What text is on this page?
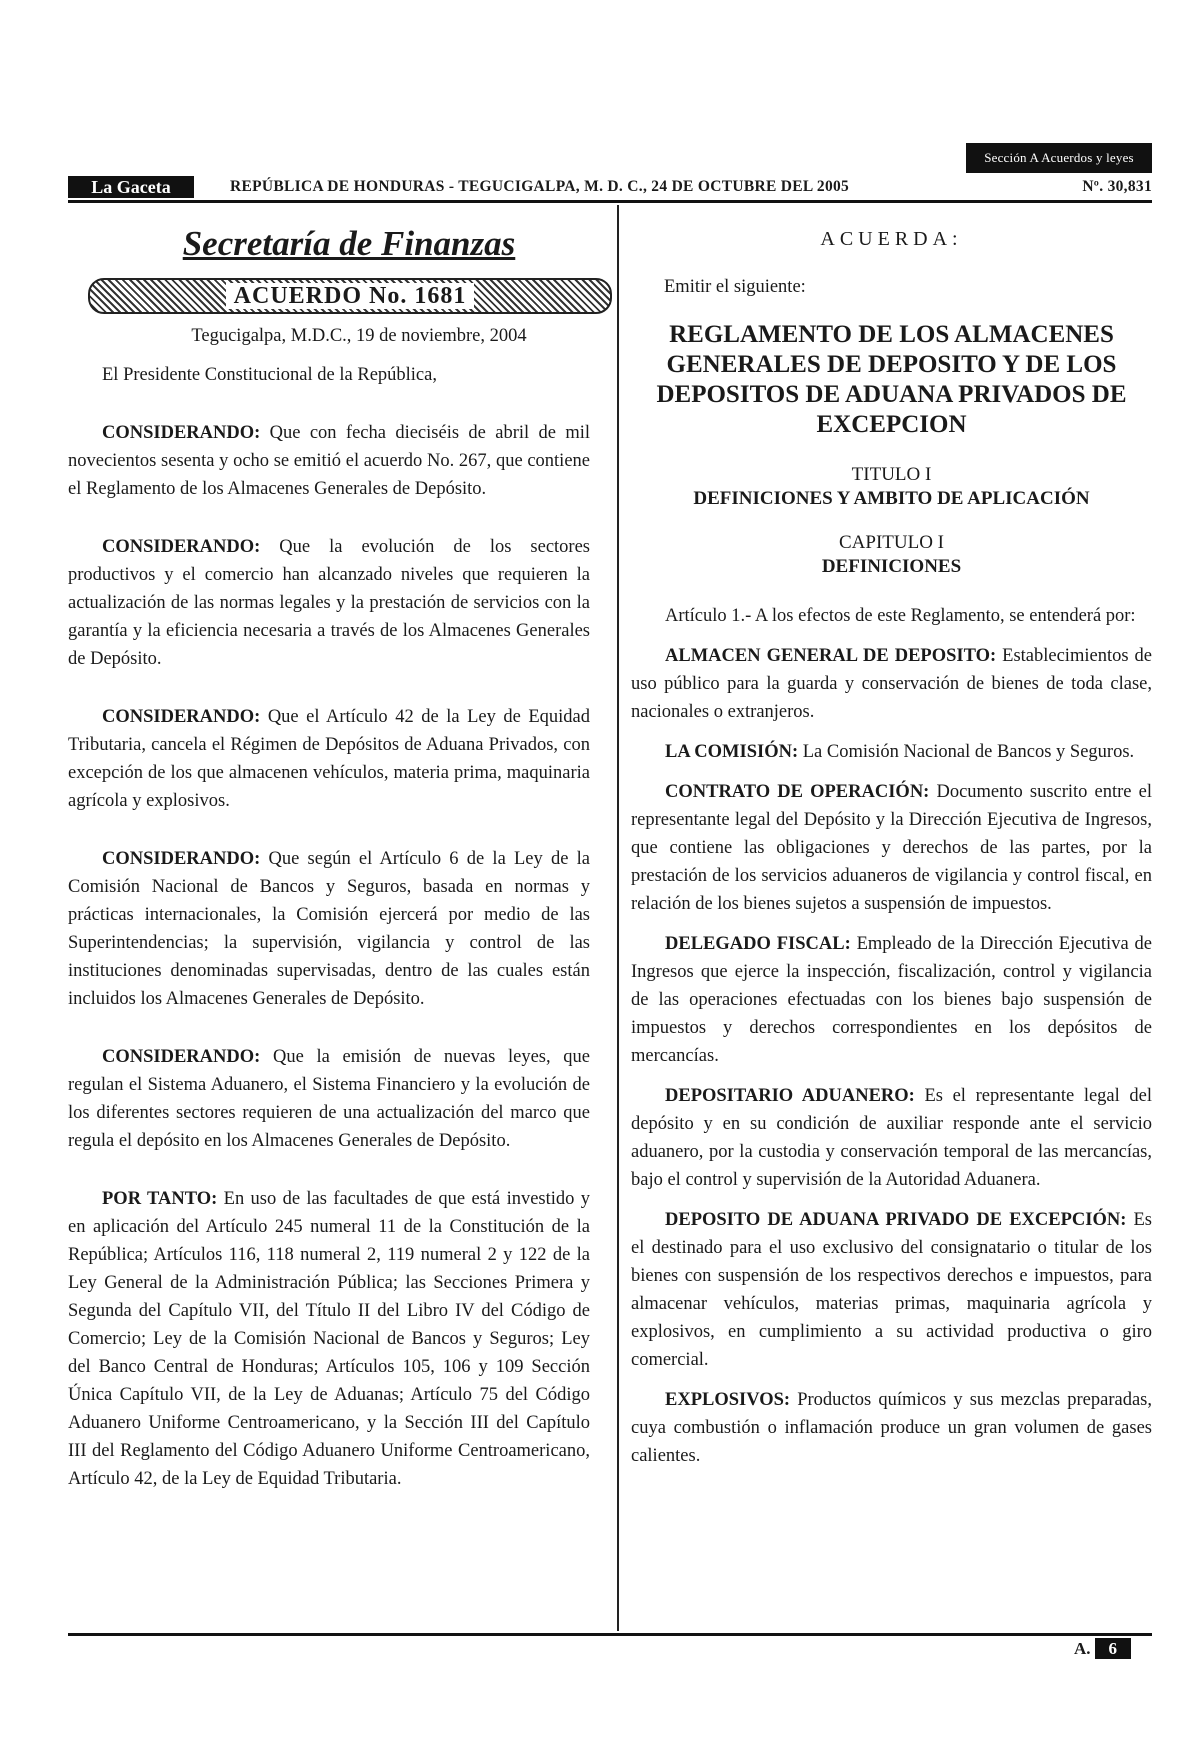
Sección A Acuerdos y leyes
La Gaceta	REPÚBLICA DE HONDURAS - TEGUCIGALPA, M. D. C., 24 DE OCTUBRE DEL 2005	Nº. 30,831
Secretaría de Finanzas
ACUERDO No. 1681
Tegucigalpa, M.D.C., 19 de noviembre, 2004

El Presidente Constitucional de la República,

CONSIDERANDO: Que con fecha dieciséis de abril de mil novecientos sesenta y ocho se emitió el acuerdo No. 267, que contiene el Reglamento de los Almacenes Generales de Depósito.

CONSIDERANDO: Que la evolución de los sectores productivos y el comercio han alcanzado niveles que requieren la actualización de las normas legales y la prestación de servicios con la garantía y la eficiencia necesaria a través de los Almacenes Generales de Depósito.

CONSIDERANDO: Que el Artículo 42 de la Ley de Equidad Tributaria, cancela el Régimen de Depósitos de Aduana Privados, con excepción de los que almacenen vehículos, materia prima, maquinaria agrícola y explosivos.

CONSIDERANDO: Que según el Artículo 6 de la Ley de la Comisión Nacional de Bancos y Seguros, basada en normas y prácticas internacionales, la Comisión ejercerá por medio de las Superintendencias; la supervisión, vigilancia y control de las instituciones denominadas supervisadas, dentro de las cuales están incluidos los Almacenes Generales de Depósito.

CONSIDERANDO: Que la emisión de nuevas leyes, que regulan el Sistema Aduanero, el Sistema Financiero y la evolución de los diferentes sectores requieren de una actualización del marco que regula el depósito en los Almacenes Generales de Depósito.

POR TANTO: En uso de las facultades de que está investido y en aplicación del Artículo 245 numeral 11 de la Constitución de la República; Artículos 116, 118 numeral 2, 119 numeral 2 y 122 de la Ley General de la Administración Pública; las Secciones Primera y Segunda del Capítulo VII, del Título II del Libro IV del Código de Comercio; Ley de la Comisión Nacional de Bancos y Seguros; Ley del Banco Central de Honduras; Artículos 105, 106 y 109 Sección Única Capítulo VII, de la Ley de Aduanas; Artículo 75 del Código Aduanero Uniforme Centroamericano, y la Sección III del Capítulo III del Reglamento del Código Aduanero Uniforme Centroamericano, Artículo 42, de la Ley de Equidad Tributaria.

ACUERDA:
Emitir el siguiente:
REGLAMENTO DE LOS ALMACENES GENERALES DE DEPOSITO Y DE LOS DEPOSITOS DE ADUANA PRIVADOS DE EXCEPCION
TITULO I
DEFINICIONES Y AMBITO DE APLICACIÓN
CAPITULO I
DEFINICIONES

Artículo 1.- A los efectos de este Reglamento, se entenderá por:

ALMACEN GENERAL DE DEPOSITO: Establecimientos de uso público para la guarda y conservación de bienes de toda clase, nacionales o extranjeros.

LA COMISIÓN: La Comisión Nacional de Bancos y Seguros.

CONTRATO DE OPERACIÓN: Documento suscrito entre el representante legal del Depósito y la Dirección Ejecutiva de Ingresos, que contiene las obligaciones y derechos de las partes, por la prestación de los servicios aduaneros de vigilancia y control fiscal, en relación de los bienes sujetos a suspensión de impuestos.

DELEGADO FISCAL: Empleado de la Dirección Ejecutiva de Ingresos que ejerce la inspección, fiscalización, control y vigilancia de las operaciones efectuadas con los bienes bajo suspensión de impuestos y derechos correspondientes en los depósitos de mercancías.

DEPOSITARIO ADUANERO: Es el representante legal del depósito y en su condición de auxiliar responde ante el servicio aduanero, por la custodia y conservación temporal de las mercancías, bajo el control y supervisión de la Autoridad Aduanera.

DEPOSITO DE ADUANA PRIVADO DE EXCEPCIÓN: Es el destinado para el uso exclusivo del consignatario o titular de los bienes con suspensión de los respectivos derechos e impuestos, para almacenar vehículos, materias primas, maquinaria agrícola y explosivos, en cumplimiento a su actividad productiva o giro comercial.

EXPLOSIVOS: Productos químicos y sus mezclas preparadas, cuya combustión o inflamación produce un gran volumen de gases calientes.

A. 6
